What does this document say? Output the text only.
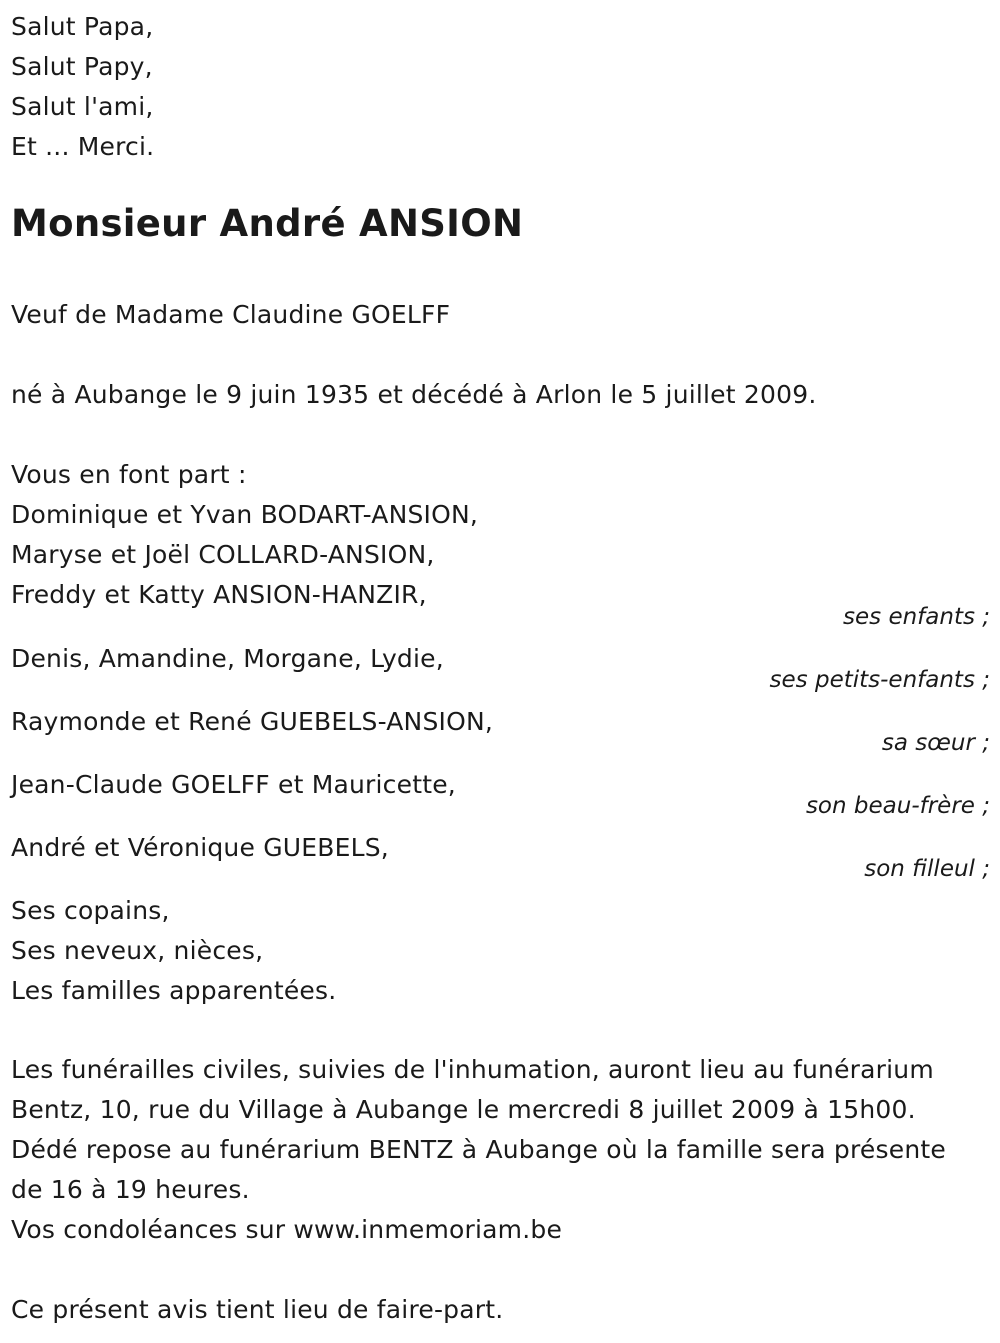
Salut Papa,
Salut Papy,
Salut l'ami,
Et ... Merci.
Monsieur André ANSION
Veuf de Madame Claudine GOELFF
né à Aubange le 9 juin 1935 et décédé à Arlon le 5 juillet 2009.
Vous en font part :
Dominique et Yvan BODART-ANSION,
Maryse et Joël COLLARD-ANSION,
Freddy et Katty ANSION-HANZIR,
ses enfants ;
Denis, Amandine, Morgane, Lydie,
ses petits-enfants ;
Raymonde et René GUEBELS-ANSION,
sa sœur ;
Jean-Claude GOELFF et Mauricette,
son beau-frère ;
André et Véronique GUEBELS,
son filleul ;
Ses copains,
Ses neveux, nièces,
Les familles apparentées.
Les funérailles civiles, suivies de l'inhumation, auront lieu au funérarium
Bentz, 10, rue du Village à Aubange le mercredi 8 juillet 2009 à 15h00.
Dédé repose au funérarium BENTZ à Aubange où la famille sera présente
de 16 à 19 heures.
Vos condoléances sur www.inmemoriam.be
Ce présent avis tient lieu de faire-part.
